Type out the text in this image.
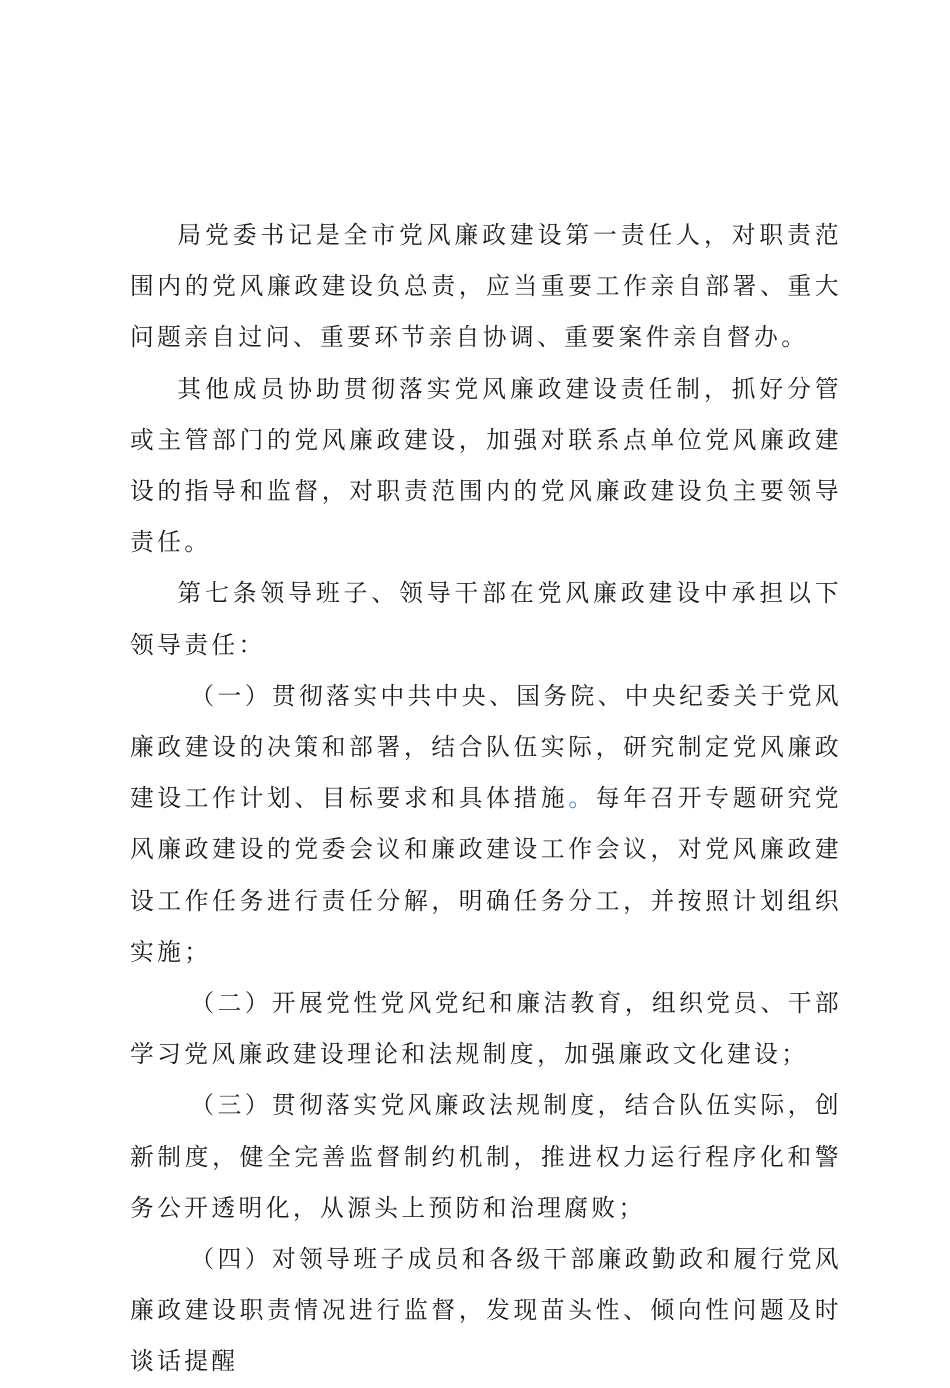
局党委书记是全市党风廉政建设第一责任人，对职责范围内的党风廉政建设负总责，应当重要工作亲自部署、重大问题亲自过问、重要环节亲自协调、重要案件亲自督办。

其他成员协助贯彻落实党风廉政建设责任制，抓好分管或主管部门的党风廉政建设，加强对联系点单位党风廉政建设的指导和监督，对职责范围内的党风廉政建设负主要领导责任。

第七条领导班子、领导干部在党风廉政建设中承担以下领导责任：

（一）贯彻落实中共中央、国务院、中央纪委关于党风廉政建设的决策和部署，结合队伍实际，研究制定党风廉政建设工作计划、目标要求和具体措施。每年召开专题研究党风廉政建设的党委会议和廉政建设工作会议，对党风廉政建设工作任务进行责任分解，明确任务分工，并按照计划组织实施；

（二）开展党性党风党纪和廉洁教育，组织党员、干部学习党风廉政建设理论和法规制度，加强廉政文化建设；

（三）贯彻落实党风廉政法规制度，结合队伍实际，创新制度，健全完善监督制约机制，推进权力运行程序化和警务公开透明化，从源头上预防和治理腐败；

（四）对领导班子成员和各级干部廉政勤政和履行党风廉政建设职责情况进行监督，发现苗头性、倾向性问题及时谈话提醒
